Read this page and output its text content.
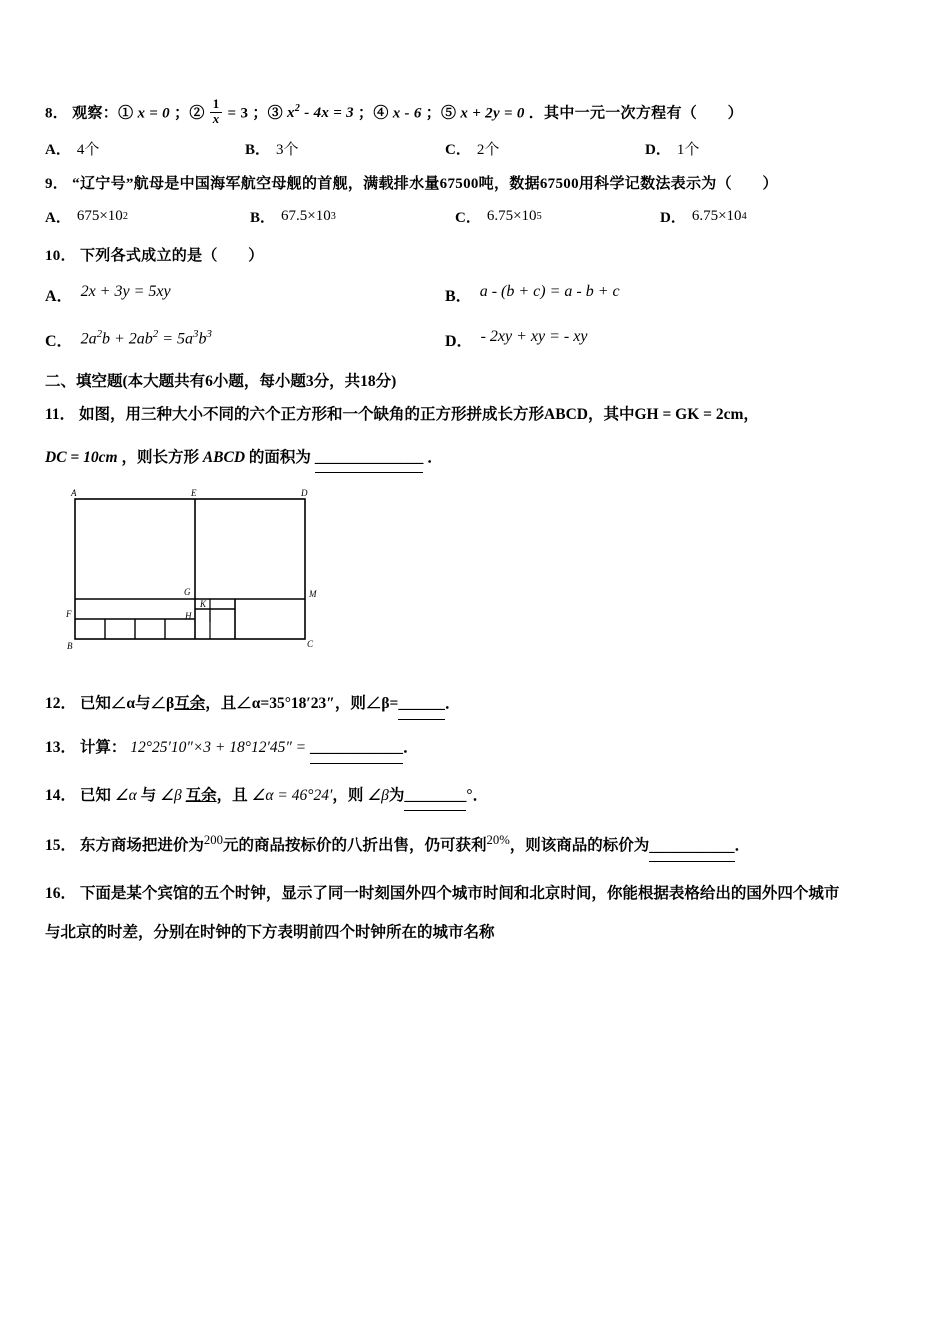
8． 观察：① x = 0 ；② $\frac{1}{x} = 3$ ；③ $x^2 - 4x = 3$ ；④ x - 6 ；⑤ x + 2y = 0 ．其中一元一次方程有（　　）
A． 4个	B． 3个	C． 2个	D． 1个
9． “辽宁号”航母是中国海军航空母舰的首舰，满载排水量67500吨，数据67500用科学记数法表示为（　　）
A． 675 ×10 2	B． 67.5 ×10 3	C． 6.75 ×10 5	D． 6.75 ×10 4
10． 下列各式成立的是（　　）
A． 2x + 3y = 5xy	B． a - (b + c) = a - b + c
C． $2a^2b + 2ab^2 = 5a^3b^3$	D． - 2xy + xy = - xy
二、填空题(本大题共有6小题，每小题3分，共18分)
11． 如图，用三种大小不同的六个正方形和一个缺角的正方形拼成长方形ABCD，其中GH = GK = 2cm，
DC = 10cm ，则长方形 ABCD 的面积为 ______________ ．
A	E	D
G	M
K
F	H
B	C
12． 已知∠α与∠β互余，且∠α=35°18′23″，则∠β=______．
13． 计算： 12°25′10″×3 + 18°12′45″ = ____________．
14． 已知 ∠α 与 ∠β 互余，且 ∠α = 46°24′，则 ∠β为________°．
15． 东方商场把进价为$^{200}$元的商品按标价的八折出售，仍可获利$^{20\%}$，则该商品的标价为___________．
16． 下面是某个宾馆的五个时钟，显示了同一时刻国外四个城市时间和北京时间，你能根据表格给出的国外四个城市
与北京的时差，分别在时钟的下方表明前四个时钟所在的城市名称
